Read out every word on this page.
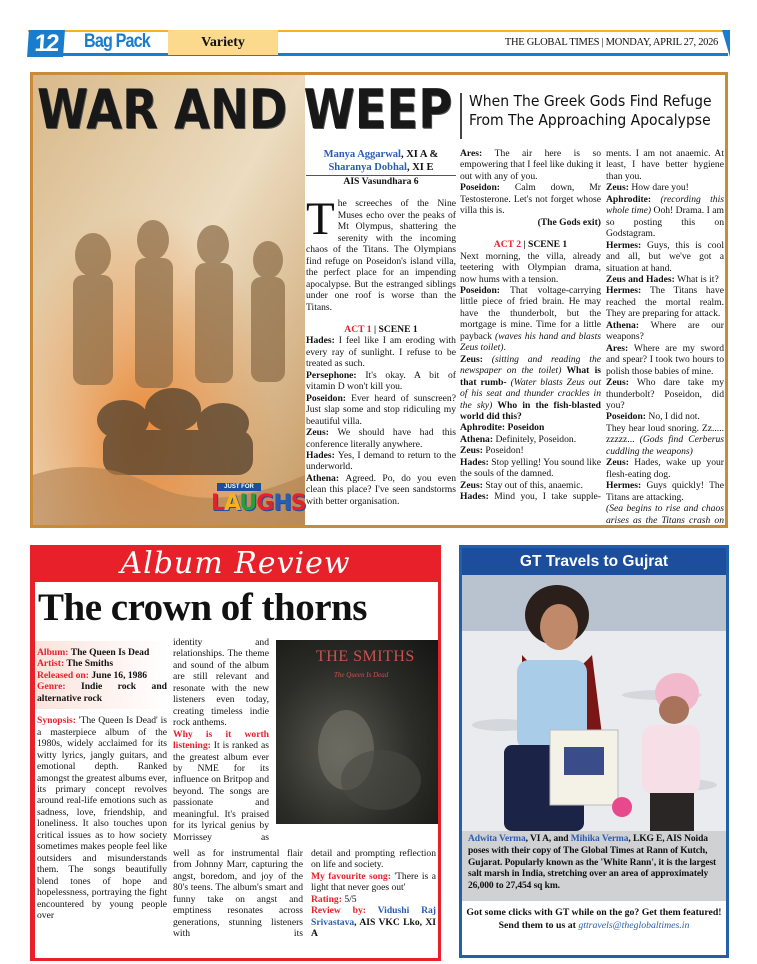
12	Bag Pack	Variety	THE GLOBAL TIMES | MONDAY, APRIL 27, 2026
WAR AND WEEP When The Greek Gods Find Refuge
From The Approaching Apocalypse
JUST FOR
LAUGHS

Manya Aggarwal, XI A & Sharanya Dobhal, XI E

AIS Vasundhara 6

The screeches of the Nine Muses echo over the peaks of Mt Olympus, shattering the serenity with the incoming chaos of the Titans. The Olympians find refuge on Poseidon's island villa, the perfect place for an impending apocalypse. But the estranged siblings under one roof is worse than the Titans.

ACT 1 | SCENE 1

Hades: I feel like I am eroding with every ray of sunlight. I refuse to be treated as such.

Persephone: It's okay. A bit of vitamin D won't kill you.

Poseidon: Ever heard of sunscreen? Just slap some and stop ridiculing my beautiful villa.

Zeus: We should have had this conference literally anywhere.

Hades: Yes, I demand to return to the underworld.

Athena: Agreed. Po, do you even clean this place? I've seen sandstorms with better organisation.

Ares: The air here is so empowering that I feel like duking it out with any of you.

Poseidon: Calm down, Mr Testosterone. Let's not forget whose villa this is.

(The Gods exit)

ACT 2 | SCENE 1

Next morning, the villa, already teetering with Olympian drama, now hums with a tension.

Poseidon: That voltage-carrying little piece of fried brain. He may have the thunderbolt, but the mortgage is mine. Time for a little payback (waves his hand and blasts Zeus toilet).

Zeus: (sitting and reading the newspaper on the toilet) What is that rumb- (Water blasts Zeus out of his seat and thunder crackles in the sky) Who in the fish-blasted world did this?

Aphrodite: Poseidon

Athena: Definitely, Poseidon.

Zeus: Poseidon!

Hades: Stop yelling! You sound like the souls of the damned.

Zeus: Stay out of this, anaemic.

Hades: Mind you, I take supple-

ments. I am not anaemic. At least, I have better hygiene than you.

Zeus: How dare you!

Aphrodite: (recording this whole time) Ooh! Drama. I am so posting this on Godstagram.

Hermes: Guys, this is cool and all, but we've got a situation at hand.

Zeus and Hades: What is it?

Hermes: The Titans have reached the mortal realm. They are preparing for attack.

Athena: Where are our weapons?

Ares: Where are my sword and spear? I took two hours to polish those babies of mine.

Zeus: Who dare take my thunderbolt? Poseidon, did you?

Poseidon: No, I did not.

They hear loud snoring. Zz..... zzzzz... (Gods find Cerberus cuddling the weapons)

Zeus: Hades, wake up your flesh-eating dog.

Hermes: Guys quickly! The Titans are attacking.

(Sea begins to rise and chaos arises as the Titans crash on

Album Review
The crown of thorns

Album: The Queen Is Dead

Artist: The Smiths

Released on: June 16, 1986

Genre: Indie rock and alternative rock

Synopsis: 'The Queen Is Dead' is a masterpiece album of the 1980s, widely acclaimed for its witty lyrics, jangly guitars, and emotional depth. Ranked amongst the greatest albums ever, its primary concept revolves around real-life emotions such as sadness, love, friendship, and loneliness. It also touches upon critical issues as to how society sometimes makes people feel like outsiders and misunderstands them. The songs beautifully blend tones of hope and hopelessness, portraying the fight encountered by young people over

identity and relationships. The theme and sound of the album are still relevant and resonate with the new listeners even today, creating timeless indie rock anthems.

Why is it worth listening: It is ranked as the greatest album ever by NME for its influence on Britpop and beyond. The songs are passionate and meaningful. It's praised for its lyrical genius by Morrissey as

THE SMITHS
The Queen Is Dead

well as for instrumental flair from Johnny Marr, capturing the angst, boredom, and joy of the 80's teens. The album's smart and funny take on angst and emptiness resonates across generations, stunning listeners with its

detail and prompting reflection on life and society.

My favourite song: 'There is a light that never goes out'

Rating: 5/5

Review by: Vidushi Raj Srivastava, AIS VKC Lko, XI A

GT Travels to Gujrat
Adwita Verma, VI A, and Mihika Verma, LKG E, AIS Noida poses with their copy of The Global Times at Rann of Kutch, Gujarat. Popularly known as the 'White Rann', it is the largest salt marsh in India, stretching over an area of approximately 26,000 to 27,454 sq km.
Got some clicks with GT while on the go? Get them featured!
Send them to us at gttravels@theglobaltimes.in
